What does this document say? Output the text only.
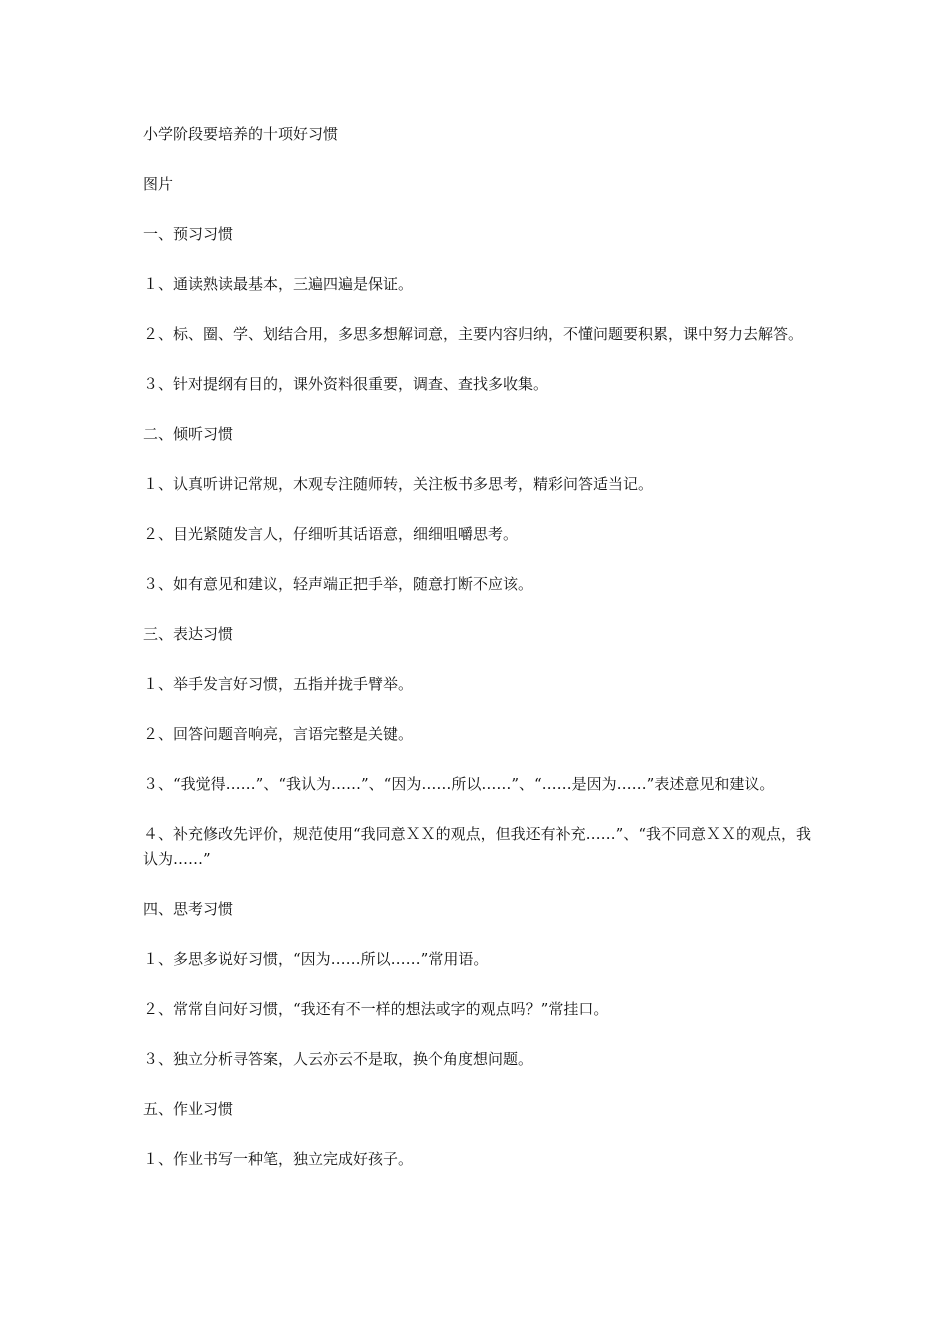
小学阶段要培养的十项好习惯

图片

一、预习习惯

１、通读熟读最基本，三遍四遍是保证。

２、标、圈、学、划结合用，多思多想解词意，主要内容归纳，不懂问题要积累，课中努力去解答。

３、针对提纲有目的，课外资料很重要，调查、查找多收集。

二、倾听习惯

１、认真听讲记常规，木观专注随师转，关注板书多思考，精彩问答适当记。

２、目光紧随发言人，仔细听其话语意，细细咀嚼思考。

３、如有意见和建议，轻声端正把手举，随意打断不应该。

三、表达习惯

１、举手发言好习惯，五指并拢手臂举。

２、回答问题音响亮，言语完整是关键。

３、“我觉得……”、“我认为……”、“因为……所以……”、“……是因为……”表述意见和建议。

４、补充修改先评价，规范使用“我同意ＸＸ的观点，但我还有补充……”、“我不同意ＸＸ的观点，我认为……”

四、思考习惯

１、多思多说好习惯，“因为……所以……”常用语。

２、常常自问好习惯，“我还有不一样的想法或字的观点吗？”常挂口。

３、独立分析寻答案，人云亦云不是取，换个角度想问题。

五、作业习惯

１、作业书写一种笔，独立完成好孩子。
